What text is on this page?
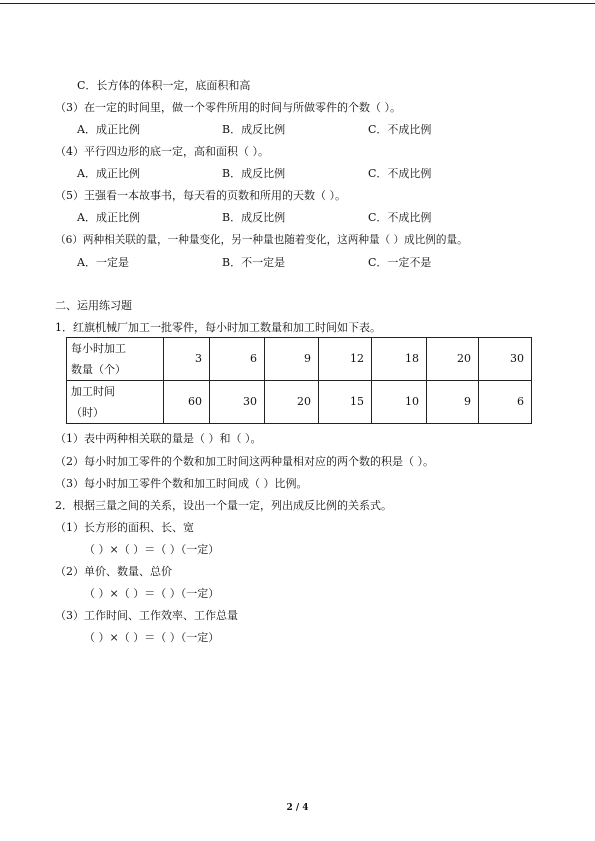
C．长方体的体积一定，底面积和高
（3）在一定的时间里，做一个零件所用的时间与所做零件的个数（ ）。
A．成正比例	B．成反比例	C．不成比例
（4）平行四边形的底一定，高和面积（ ）。
A．成正比例	B．成反比例	C．不成比例
（5）王强看一本故事书，每天看的页数和所用的天数（ ）。
A．成正比例	B．成反比例	C．不成比例
（6）两种相关联的量，一种量变化，另一种量也随着变化，这两种量（ ）成比例的量。
A．一定是	B．不一定是	C．一定不是
二、运用练习题
1．红旗机械厂加工一批零件，每小时加工数量和加工时间如下表。
每小时加工
数量（个）	3	6	9	12	18	20	30

加工时间
（时）	60	30	20	15	10	9	6
（1）表中两种相关联的量是（ ）和（ ）。
（2）每小时加工零件的个数和加工时间这两种量相对应的两个数的积是（ ）。
（3）每小时加工零件个数和加工时间成（ ）比例。
2．根据三量之间的关系，设出一个量一定，列出成反比例的关系式。
（1）长方形的面积、长、宽
（ ）×（ ）＝（ ）（一定）
（2）单价、数量、总价
（ ）×（ ）＝（ ）（一定）
（3）工作时间、工作效率、工作总量
（ ）×（ ）＝（ ）（一定）
2 / 4
